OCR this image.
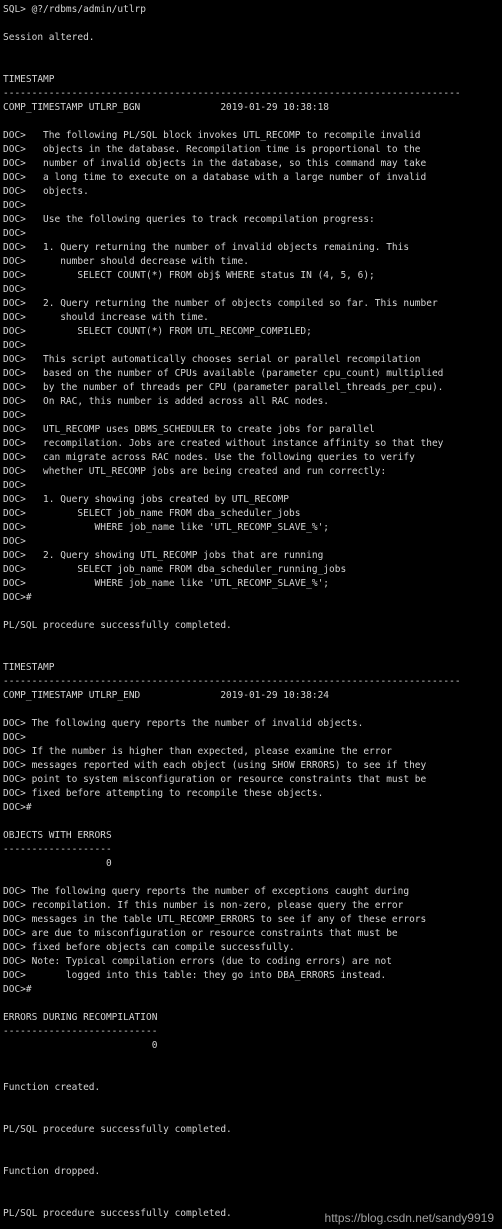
SQL> @?/rdbms/admin/utlrp
Session altered.
TIMESTAMP
--------------------------------------------------------------------------------
COMP_TIMESTAMP UTLRP_BGN              2019-01-29 10:38:18
DOC>   The following PL/SQL block invokes UTL_RECOMP to recompile invalid
DOC>   objects in the database. Recompilation time is proportional to the
DOC>   number of invalid objects in the database, so this command may take
DOC>   a long time to execute on a database with a large number of invalid
DOC>   objects.
DOC>
DOC>   Use the following queries to track recompilation progress:
DOC>
DOC>   1. Query returning the number of invalid objects remaining. This
DOC>      number should decrease with time.
DOC>         SELECT COUNT(*) FROM obj$ WHERE status IN (4, 5, 6);
DOC>
DOC>   2. Query returning the number of objects compiled so far. This number
DOC>      should increase with time.
DOC>         SELECT COUNT(*) FROM UTL_RECOMP_COMPILED;
DOC>
DOC>   This script automatically chooses serial or parallel recompilation
DOC>   based on the number of CPUs available (parameter cpu_count) multiplied
DOC>   by the number of threads per CPU (parameter parallel_threads_per_cpu).
DOC>   On RAC, this number is added across all RAC nodes.
DOC>
DOC>   UTL_RECOMP uses DBMS_SCHEDULER to create jobs for parallel
DOC>   recompilation. Jobs are created without instance affinity so that they
DOC>   can migrate across RAC nodes. Use the following queries to verify
DOC>   whether UTL_RECOMP jobs are being created and run correctly:
DOC>
DOC>   1. Query showing jobs created by UTL_RECOMP
DOC>         SELECT job_name FROM dba_scheduler_jobs
DOC>            WHERE job_name like 'UTL_RECOMP_SLAVE_%';
DOC>
DOC>   2. Query showing UTL_RECOMP jobs that are running
DOC>         SELECT job_name FROM dba_scheduler_running_jobs
DOC>            WHERE job_name like 'UTL_RECOMP_SLAVE_%';
DOC>#
PL/SQL procedure successfully completed.
TIMESTAMP
--------------------------------------------------------------------------------
COMP_TIMESTAMP UTLRP_END              2019-01-29 10:38:24
DOC> The following query reports the number of invalid objects.
DOC>
DOC> If the number is higher than expected, please examine the error
DOC> messages reported with each object (using SHOW ERRORS) to see if they
DOC> point to system misconfiguration or resource constraints that must be
DOC> fixed before attempting to recompile these objects.
DOC>#
OBJECTS WITH ERRORS
-------------------
0
DOC> The following query reports the number of exceptions caught during
DOC> recompilation. If this number is non-zero, please query the error
DOC> messages in the table UTL_RECOMP_ERRORS to see if any of these errors
DOC> are due to misconfiguration or resource constraints that must be
DOC> fixed before objects can compile successfully.
DOC> Note: Typical compilation errors (due to coding errors) are not
DOC>       logged into this table: they go into DBA_ERRORS instead.
DOC>#
ERRORS DURING RECOMPILATION
---------------------------
0
Function created.
PL/SQL procedure successfully completed.
Function dropped.
PL/SQL procedure successfully completed.	https://blog.csdn.net/sandy9919
